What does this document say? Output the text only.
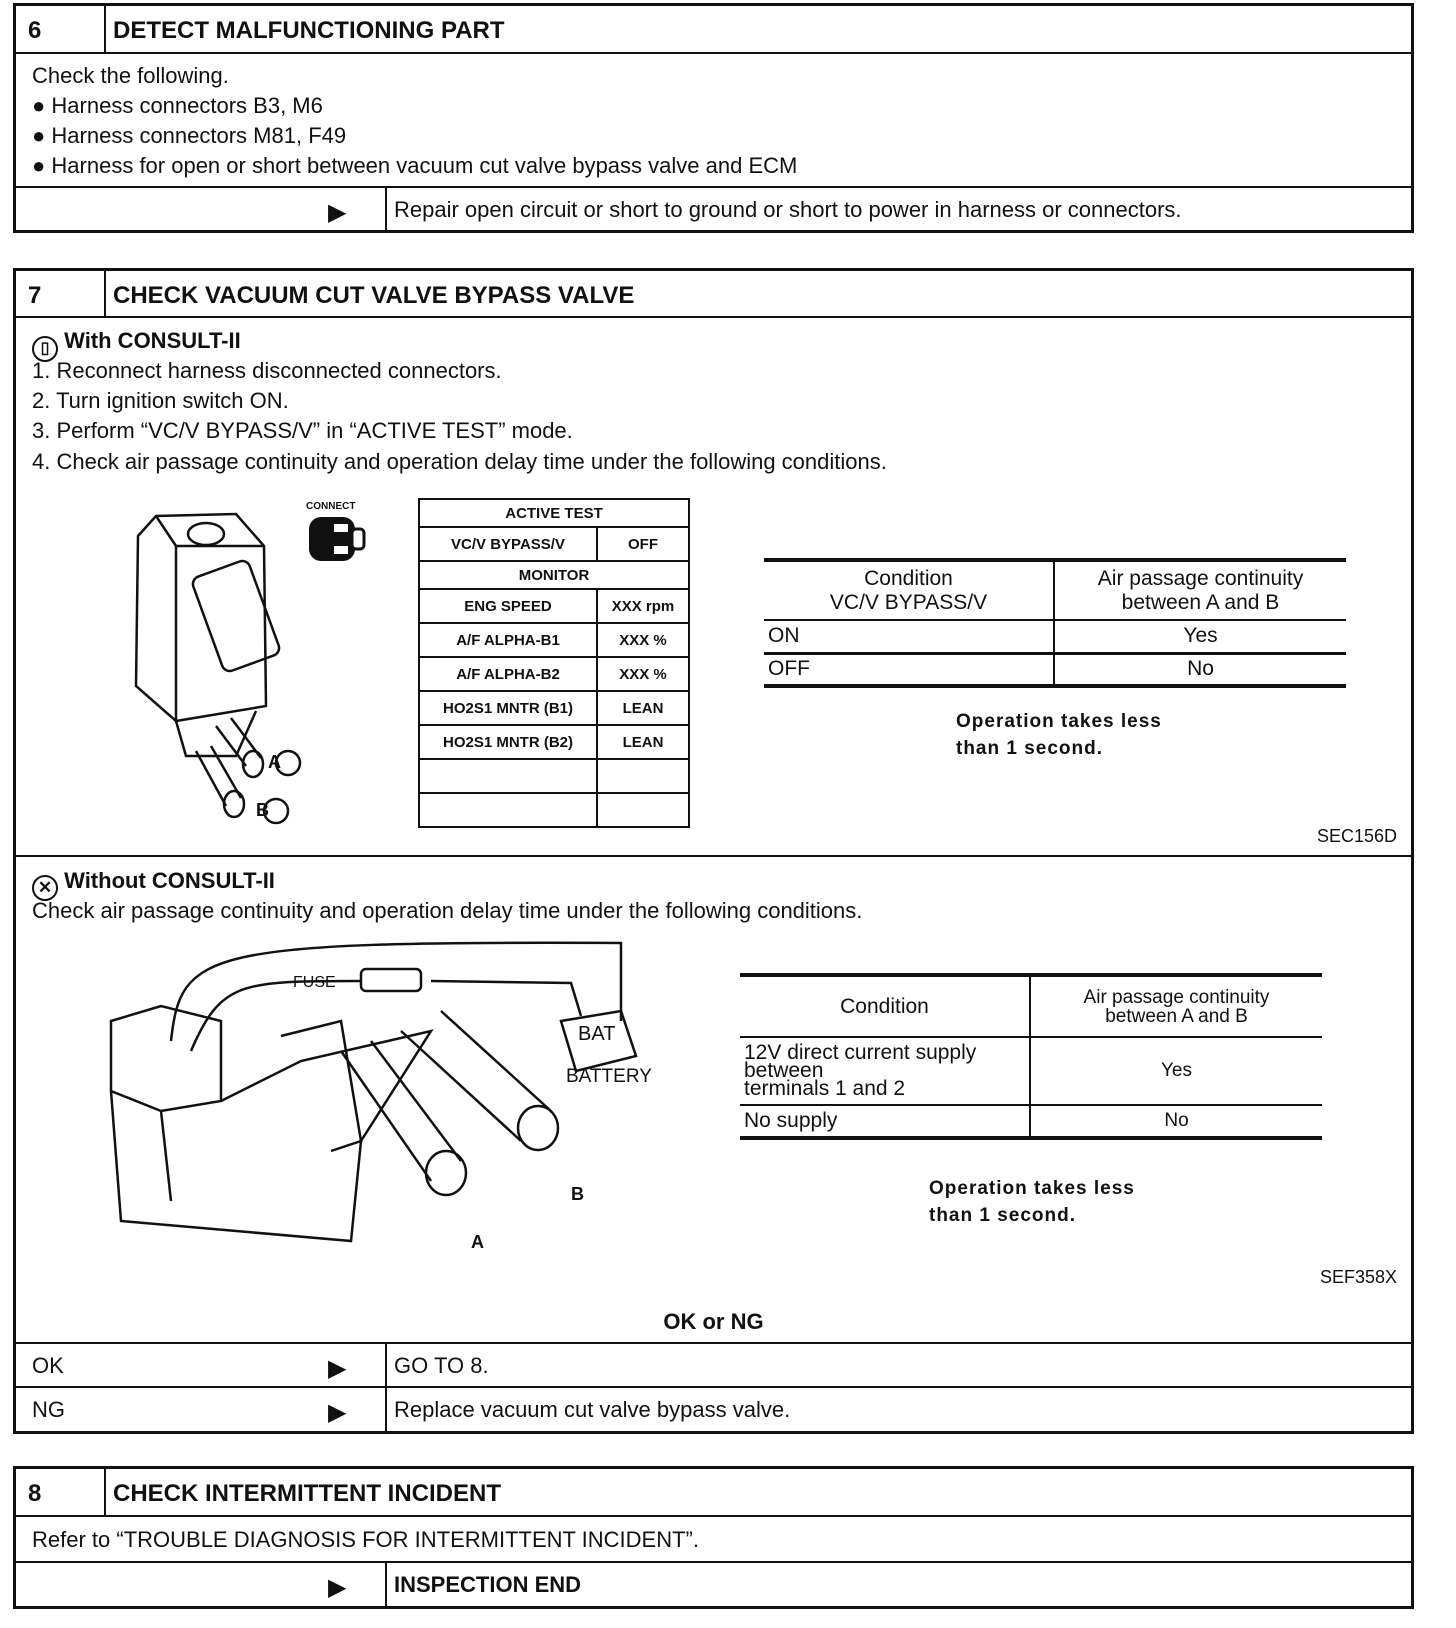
6	DETECT MALFUNCTIONING PART
Check the following.
● Harness connectors B3, M6
● Harness connectors M81, F49
● Harness for open or short between vacuum cut valve bypass valve and ECM
▶ Repair open circuit or short to ground or short to power in harness or connectors.
7	CHECK VACUUM CUT VALVE BYPASS VALVE
▯ With CONSULT-II
1. Reconnect harness disconnected connectors.
2. Turn ignition switch ON.
3. Perform “VC/V BYPASS/V” in “ACTIVE TEST” mode.
4. Check air passage continuity and operation delay time under the following conditions.
A
B
CONNECT	ACTIVE TEST	
VC/V BYPASS/V	OFF
MONITOR	
ENG SPEED	XXX rpm
A/F ALPHA-B1	XXX %
A/F ALPHA-B2	XXX %
HO2S1 MNTR (B1)	LEAN
HO2S1 MNTR (B2)	LEAN

Condition
VC/V BYPASS/V	Air passage continuity
between A and B
ON	Yes
OFF	No
Operation takes less
than 1 second.
SEC156D
✕ Without CONSULT-II
Check air passage continuity and operation delay time under the following conditions.
FUSE
BAT
BATTERY
A
B
Condition	Air passage continuity
between A and B
12V direct current supply between
terminals 1 and 2	Yes
No supply	No
Operation takes less
than 1 second.
SEF358X
OK or NG
OK	▶ GO TO 8.
NG	▶ Replace vacuum cut valve bypass valve.
8	CHECK INTERMITTENT INCIDENT
Refer to “TROUBLE DIAGNOSIS FOR INTERMITTENT INCIDENT”.
▶ INSPECTION END
